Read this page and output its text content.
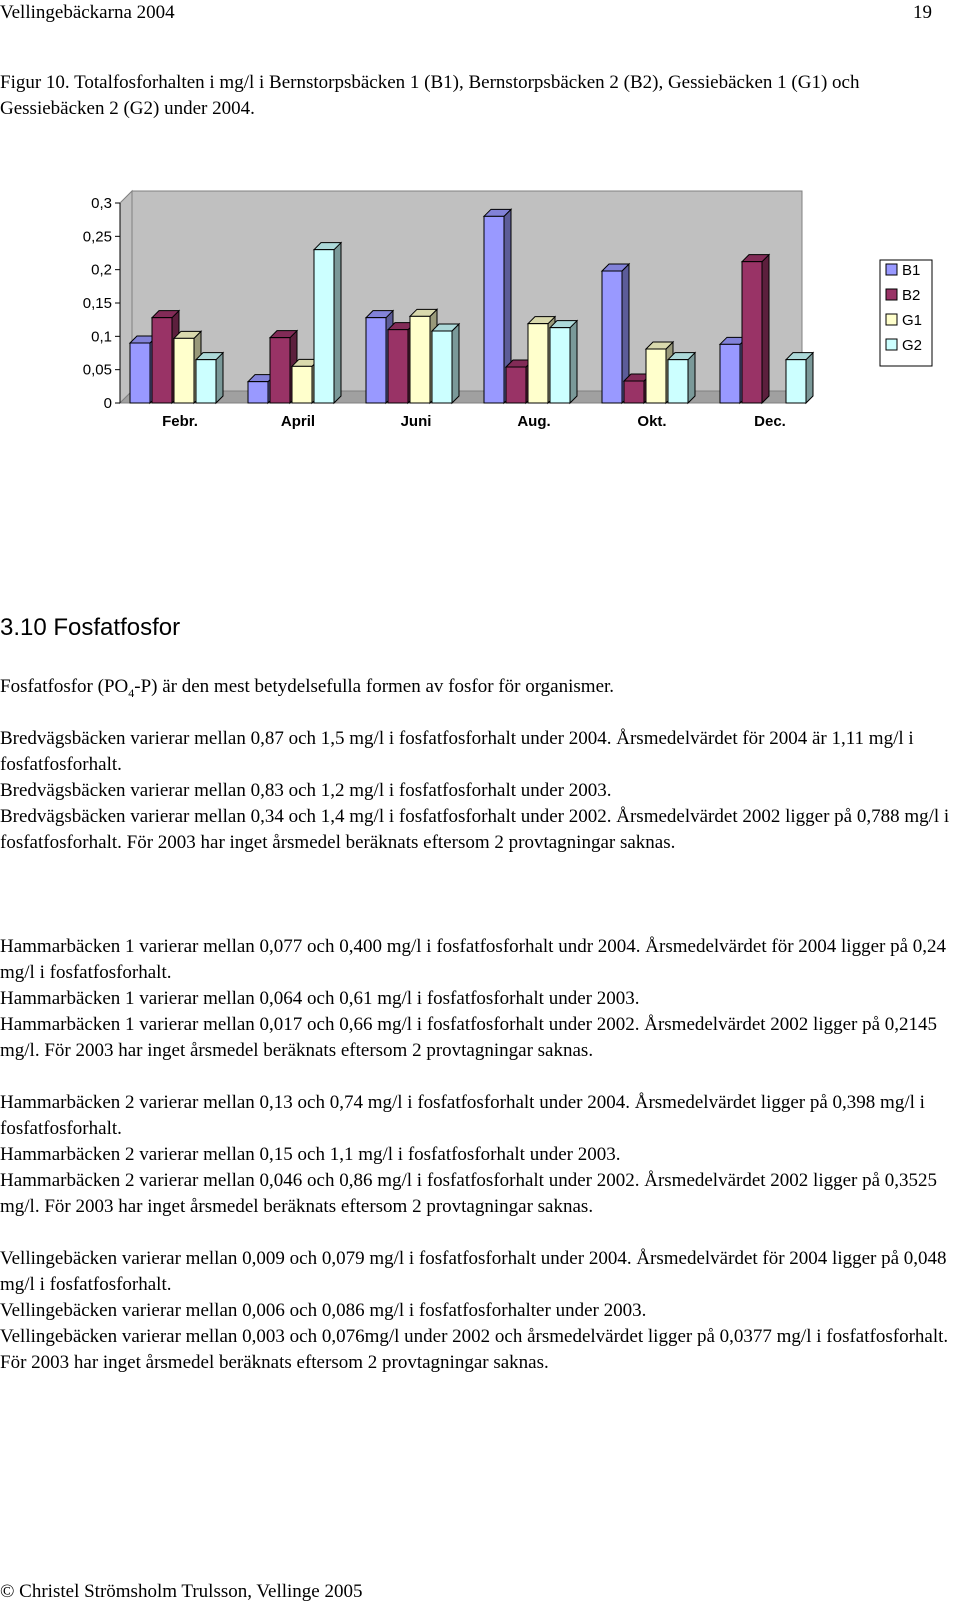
Vellingebäckarna 2004	19
Figur 10. Totalfosforhalten i mg/l i Bernstorpsbäcken 1 (B1), Bernstorpsbäcken 2 (B2), Gessiebäcken 1 (G1) och Gessiebäcken 2 (G2) under 2004.
0
0,05
0,1
0,15
0,2
0,25
0,3
Febr.	April	Juni	Aug.	Okt.	Dec.
B1
B2
G1
G2
3.10 Fosfatfosfor

Fosfatfosfor $(PO_4-P)$ är den mest betydelsefulla formen av fosfor för organismer.

Bredvägsbäcken varierar mellan 0,87 och 1,5 mg/l i fosfatfosforhalt under 2004. Årsmedelvärdet för 2004 är 1,11 mg/l i fosfatfosforhalt.

Bredvägsbäcken varierar mellan 0,83 och 1,2 mg/l i fosfatfosforhalt under 2003.

Bredvägsbäcken varierar mellan 0,34 och 1,4 mg/l i fosfatfosforhalt under 2002. Årsmedelvärdet 2002 ligger på 0,788 mg/l i fosfatfosforhalt. För 2003 har inget årsmedel beräknats eftersom 2 provtagningar saknas.

Hammarbäcken 1 varierar mellan 0,077 och 0,400 mg/l i fosfatfosforhalt undr 2004. Årsmedelvärdet för 2004 ligger på 0,24 mg/l i fosfatfosforhalt.

Hammarbäcken 1 varierar mellan 0,064 och 0,61 mg/l i fosfatfosforhalt under 2003.

Hammarbäcken 1 varierar mellan 0,017 och 0,66 mg/l i fosfatfosforhalt under 2002. Årsmedelvärdet 2002 ligger på 0,2145 mg/l. För 2003 har inget årsmedel beräknats eftersom 2 provtagningar saknas.

Hammarbäcken 2 varierar mellan 0,13 och 0,74 mg/l i fosfatfosforhalt under 2004. Årsmedelvärdet ligger på 0,398 mg/l i fosfatfosforhalt.

Hammarbäcken 2 varierar mellan 0,15 och 1,1 mg/l i fosfatfosforhalt under 2003.

Hammarbäcken 2 varierar mellan 0,046 och 0,86 mg/l i fosfatfosforhalt under 2002. Årsmedelvärdet 2002 ligger på 0,3525 mg/l. För 2003 har inget årsmedel beräknats eftersom 2 provtagningar saknas.

Vellingebäcken varierar mellan 0,009 och 0,079 mg/l i fosfatfosforhalt under 2004. Årsmedelvärdet för 2004 ligger på 0,048 mg/l i fosfatfosforhalt.

Vellingebäcken varierar mellan 0,006 och 0,086 mg/l i fosfatfosforhalter under 2003.

Vellingebäcken varierar mellan 0,003 och 0,076mg/l under 2002 och årsmedelvärdet ligger på 0,0377 mg/l i fosfatfosforhalt. För 2003 har inget årsmedel beräknats eftersom 2 provtagningar saknas.

© Christel Strömsholm Trulsson, Vellinge 2005
